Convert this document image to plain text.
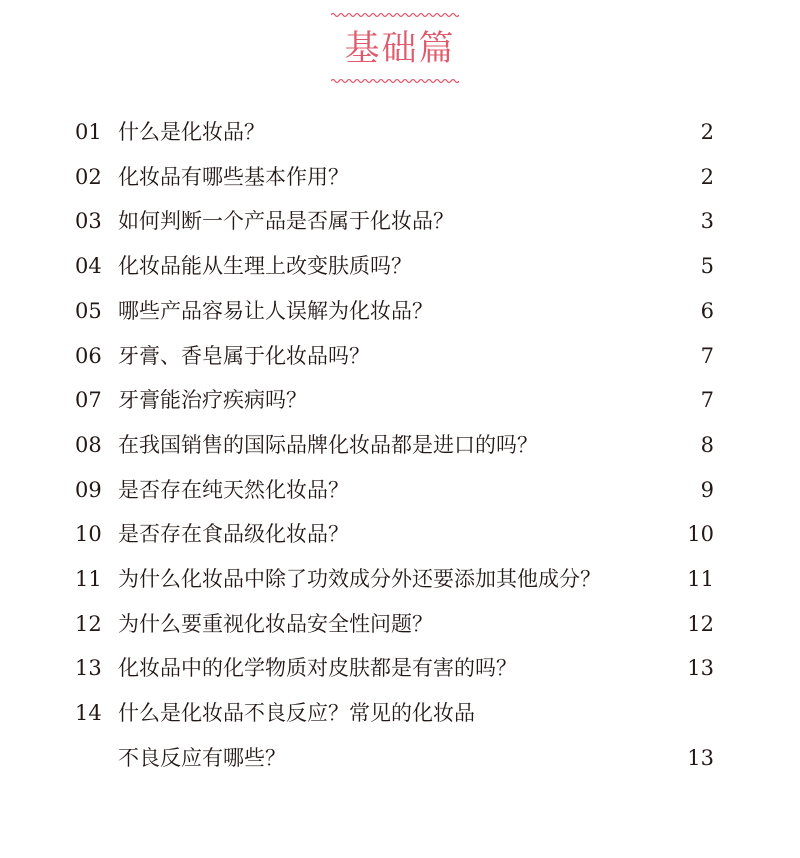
基础篇
01 什么是化妆品？	2
02 化妆品有哪些基本作用？	2
03 如何判断一个产品是否属于化妆品？	3
04 化妆品能从生理上改变肤质吗？	5
05 哪些产品容易让人误解为化妆品？	6
06 牙膏、香皂属于化妆品吗？	7
07 牙膏能治疗疾病吗？	7
08 在我国销售的国际品牌化妆品都是进口的吗？	8
09 是否存在纯天然化妆品？	9
10 是否存在食品级化妆品？	10
11 为什么化妆品中除了功效成分外还要添加其他成分？	11
12 为什么要重视化妆品安全性问题？	12
13 化妆品中的化学物质对皮肤都是有害的吗？	13
14 什么是化妆品不良反应？常见的化妆品
不良反应有哪些？	13
